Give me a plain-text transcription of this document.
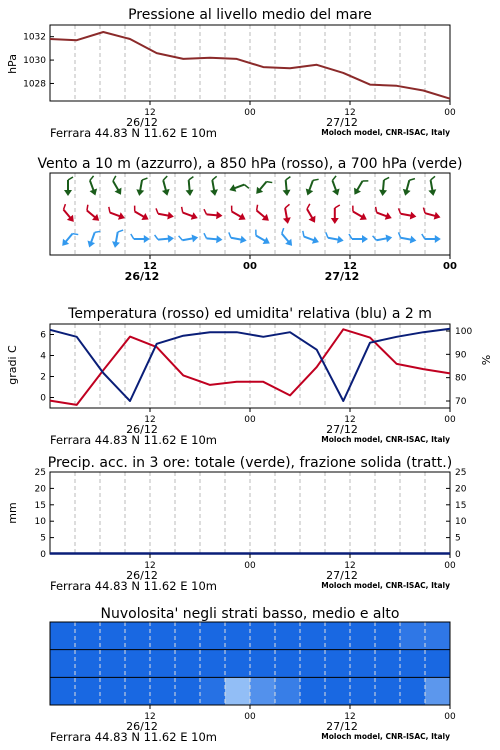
Pressione al livello medio del mare
hPa
1028
1030
1032
Vento a 10 m (azzurro), a 850 hPa (rosso), a 700 hPa (verde)
Temperatura (rosso) ed umidita' relativa (blu) a 2 m
gradi C	%
0
2
4
6
70
80
90
100
Precip. acc. in 3 ore: totale (verde), frazione solida (tratt.)
mm
0
5
10
15
20
25
0
5
10
15
20
25
Nuvolosita' negli strati basso, medio e alto
12
26/12
00	12
27/12
00
Ferrara 44.83 N 11.62 E 10m	Moloch model, CNR-ISAC, Italy
12
26/12
00	12
27/12
00
12
26/12
00	12
27/12
00
Ferrara 44.83 N 11.62 E 10m	Moloch model, CNR-ISAC, Italy
12
26/12
00	12
27/12
00
Ferrara 44.83 N 11.62 E 10m	Moloch model, CNR-ISAC, Italy
12
26/12
00	12
27/12
00
Ferrara 44.83 N 11.62 E 10m	Moloch model, CNR-ISAC, Italy
